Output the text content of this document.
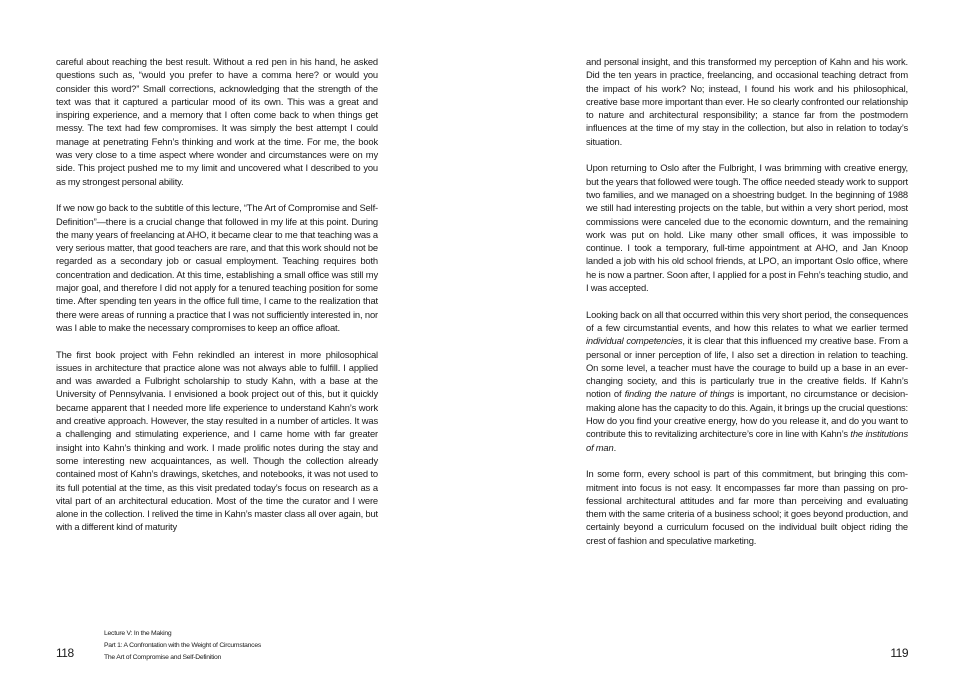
careful about reaching the best result. Without a red pen in his hand, he asked questions such as, “would you prefer to have a comma here? or would you consider this word?” Small corrections, acknowledging that the strength of the text was that it captured a particular mood of its own. This was a great and inspiring experience, and a memory that I often come back to when things get messy. The text had few compromises. It was simply the best attempt I could manage at penetrating Fehn’s thinking and work at the time. For me, the book was very close to a time aspect where wonder and circumstances were on my side. This project pushed me to my limit and uncovered what I described to you as my strongest personal ability.

If we now go back to the subtitle of this lecture, “The Art of Compromise and Self-Definition”—there is a crucial change that followed in my life at this point. During the many years of freelancing at AHO, it became clear to me that teaching was a very serious matter, that good teachers are rare, and that this work should not be regarded as a secondary job or casual employment. Teaching requires both concentration and dedication. At this time, establishing a small office was still my major goal, and therefore I did not apply for a tenured teaching position for some time. After spending ten years in the office full time, I came to the realization that there were areas of running a practice that I was not sufficiently interested in, nor was I able to make the necessary compromises to keep an office afloat.

The first book project with Fehn rekindled an interest in more philosophical issues in architecture that practice alone was not always able to fulfill. I applied and was awarded a Fulbright scholarship to study Kahn, with a base at the University of Pennsylvania. I envisioned a book project out of this, but it quickly became apparent that I needed more life experience to understand Kahn’s work and creative approach. However, the stay resulted in a number of articles. It was a challenging and stimulating experience, and I came home with far greater insight into Kahn’s thinking and work. I made prolific notes during the stay and some interesting new acquaintances, as well. Though the collection already contained most of Kahn’s drawings, sketches, and notebooks, it was not used to its full potential at the time, as this visit predated today’s focus on research as a vital part of an architectural education. Most of the time the curator and I were alone in the collection. I relived the time in Kahn’s master class all over again, but with a different kind of maturity

118
Lecture V: In the Making
Part 1: A Confrontation with the Weight of Circumstances
The Art of Compromise and Self-Definition

and personal insight, and this transformed my perception of Kahn and his work. Did the ten years in practice, freelancing, and occasional teaching detract from the impact of his work? No; instead, I found his work and his philosophical, creative base more important than ever. He so clearly confronted our relationship to nature and architectural responsibility; a stance far from the postmodern influences at the time of my stay in the collection, but also in relation to today’s situation.

Upon returning to Oslo after the Fulbright, I was brimming with creative energy, but the years that followed were tough. The office needed steady work to support two families, and we managed on a shoestring budget. In the beginning of 1988 we still had interesting projects on the table, but within a very short period, most commissions were canceled due to the economic downturn, and the remaining work was put on hold. Like many other small offices, it was impossible to continue. I took a temporary, full-time appointment at AHO, and Jan Knoop landed a job with his old school friends, at LPO, an important Oslo office, where he is now a partner. Soon after, I applied for a post in Fehn’s teaching studio, and I was accepted.

Looking back on all that occurred within this very short period, the consequences of a few circumstantial events, and how this relates to what we earlier termed individual competencies, it is clear that this influenced my creative base. From a personal or inner perception of life, I also set a direction in relation to teaching. On some level, a teacher must have the courage to build up a base in an ever-changing society, and this is particularly true in the creative fields. If Kahn’s notion of finding the nature of things is important, no circumstance or decision-making alone has the capacity to do this. Again, it brings up the crucial questions: How do you find your creative energy, how do you release it, and do you want to contribute this to revitalizing architecture’s core in line with Kahn’s the institutions of man.

In some form, every school is part of this commitment, but bringing this commitment into focus is not easy. It encompasses far more than passing on professional architectural attitudes and far more than perceiving and evaluating them with the same criteria of a business school; it goes beyond production, and certainly beyond a curriculum focused on the individual built object riding the crest of fashion and speculative marketing.

119
